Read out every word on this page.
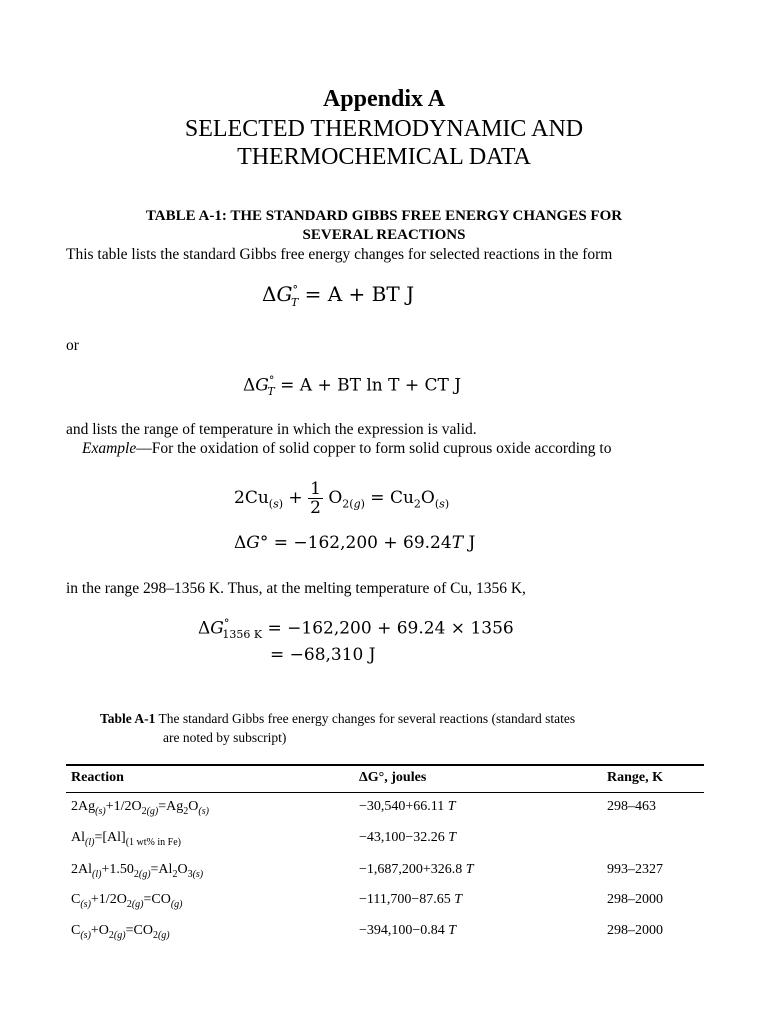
Appendix A
SELECTED THERMODYNAMIC AND
THERMOCHEMICAL DATA
TABLE A-1: THE STANDARD GIBBS FREE ENERGY CHANGES FOR
SEVERAL REACTIONS
This table lists the standard Gibbs free energy changes for selected reactions in the form
$\Delta G^\circ_T = A$ + BT J
or
$\Delta G^\circ_T = A$ + BT ln T + CT J
and lists the range of temperature in which the expression is valid.
Example—For the oxidation of solid copper to form solid cuprous oxide according to
$2Cu_{(s)} + \frac{1}{2} O_{2(g)} = Cu_2O_{(s)}$
ΔG° = −162,200 + 69.24T J
in the range 298–1356 K. Thus, at the melting temperature of Cu, 1356 K,
$\Delta G^\circ_{1356 K} = -162,200 + 69.24 \times 1356$
= −68,310 J
Table A-1 The standard Gibbs free energy changes for several reactions (standard states
are noted by subscript)
Reaction	ΔG°, joules	Range, K
$2Ag_{(s)}+1/2O_{2(g)}=Ag_2O_{(s)}$	−30,540+66.11 T	298–463
$Al_{(l)}=[Al]_{(1 wt\% in Fe)}$	−43,100−32.26 T
$2Al_{(l)}+1.50_{2(g)}=Al_2O_{3(s)}$	−1,687,200+326.8 T	993–2327
$C_{(s)}+1/2O_{2(g)}=CO_{(g)}$	−111,700−87.65 T	298–2000
$C_{(s)}+O_{2(g)}=CO_{2(g)}$	−394,100−0.84 T	298–2000
